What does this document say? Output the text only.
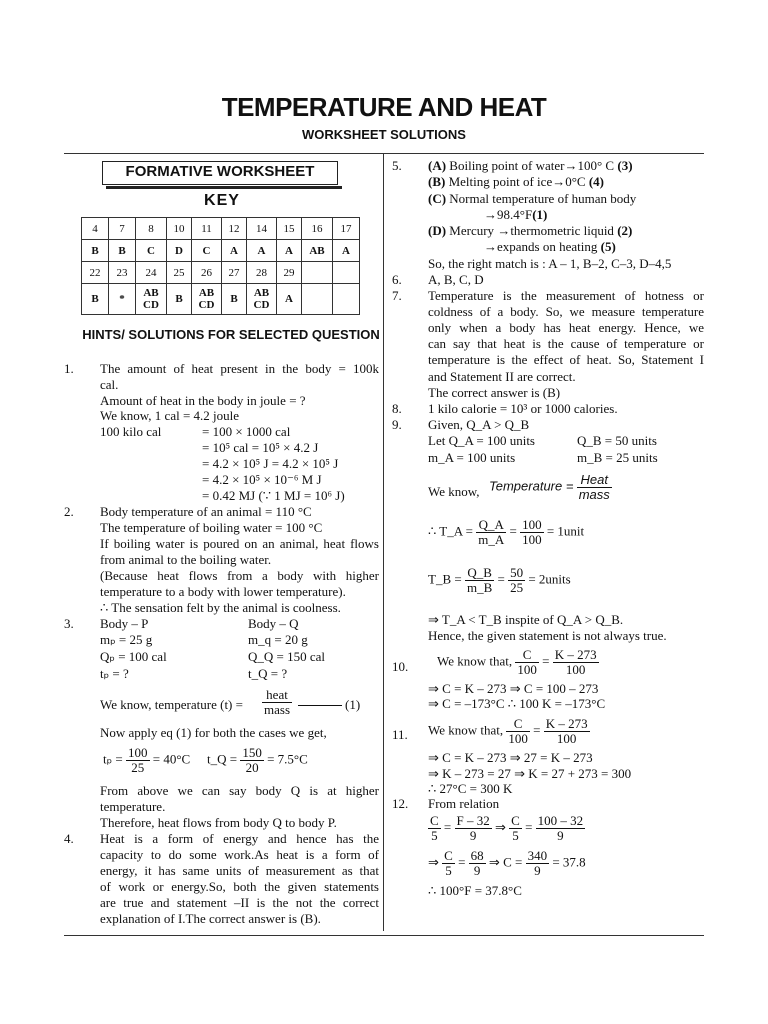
TEMPERATURE AND HEAT
WORKSHEET SOLUTIONS
FORMATIVE WORKSHEET
KEY
4	7	8	10	11	12	14	15	16	17
B	B	C	D	C	A	A	A	AB	A
22	23	24	25	26	27	28	29		
B	*	AB CD	B	AB CD	B	AB CD	A		
HINTS/ SOLUTIONS FOR SELECTED QUESTION
1. The amount of heat present in the body = 100k
cal.
Amount of heat in the body in joule = ?
We know, 1 cal = 4.2 joule
100 kilo cal	= 100 × 1000 cal
= 10⁵ cal = 10⁵ × 4.2 J
= 4.2 × 10⁵ J = 4.2 × 10⁵ J
= 4.2 × 10⁵ × 10⁻⁶ M J
= 0.42 MJ (∵ 1 MJ = 10⁶ J)
2. Body temperature of an animal = 110 °C
The temperature of boiling water = 100 °C
If boiling water is poured on an animal, heat flows
from animal to the boiling water.
(Because heat flows from a body with higher
temperature to a body with lower temperature).
∴ The sensation felt by the animal is coolness.
3. Body – P	Body – Q
mₚ = 25 g	m_q = 20 g
Qₚ = 100 cal	Q_Q = 150 cal
tₚ = ?	t_Q = ?
We know, temperature $(t) = \frac{\text{heat}}{\text{mass}}$	(1)
Now apply eq (1) for both the cases we get,
$t_p = \frac{100}{25} = 40^\circ C$ t_Q = $\frac{150}{20} = 7.5^\circ C$
From above we can say body Q is at higher
temperature.
Therefore, heat flows from body Q to body P.
4. Heat is a form of energy and hence has the
capacity to do some work.As heat is a form of
energy, it has same units of measurement as that
of work or energy.So, both the given statements
are true and statement –II is the not the correct
explanation of I.The correct answer is (B).
5. (A) Boiling point of water→100° C (3)
(B) Melting point of ice→0°C (4)
(C) Normal temperature of human body
→98.4°F(1)
(D) Mercury →thermometric liquid (2)
→expands on heating (5)
So, the right match is : A – 1, B–2, C–3, D–4,5
6. A, B, C, D
7. Temperature is the measurement of hotness or
coldness of a body. So, we measure temperature
only when a body has heat energy. Hence, we
can say that heat is the cause of temperature or
temperature is the effect of heat. So, Statement I
and Statement II are correct.
The correct answer is (B)
8. 1 kilo calorie = 10³ or 1000 calories.
9. Given, Q_A > Q_B
Let Q_A = 100 units	Q_B = 50 units
m_A = 100 units	m_B = 25 units
We know, Temperature = $\frac{\text{Heat}}{\text{mass}}$
∴ T_A = $\frac{Q\_A}{m\_A} = \frac{100}{100}$ = 1unit
T_B = $\frac{Q\_B}{m\_B} = \frac{50}{25}$ = 2units
⇒ T_A < T_B inspite of Q_A > Q_B.
Hence, the given statement is not always true.
10. We know that, $\frac{C}{100} = \frac{K - 273}{100}$
⇒ C = K – 273 ⇒ C = 100 – 273
⇒ C = –173°C ∴ 100 K = –173°C
11. We know that, $\frac{C}{100} = \frac{K - 273}{100}$
⇒ C = K – 273 ⇒ 27 = K – 273
⇒ K – 273 = 27 ⇒ K = 27 + 273 = 300
∴ 27°C = 300 K
12. From relation
$\frac{C}{5} = \frac{F - 32}{9}$ ⇒ $\frac{C}{5} = \frac{100 - 32}{9}$
⇒ $\frac{C}{5} = \frac{68}{9}$ ⇒ $C = \frac{340}{9} = 37.8$
∴ 100°F = 37.8°C
